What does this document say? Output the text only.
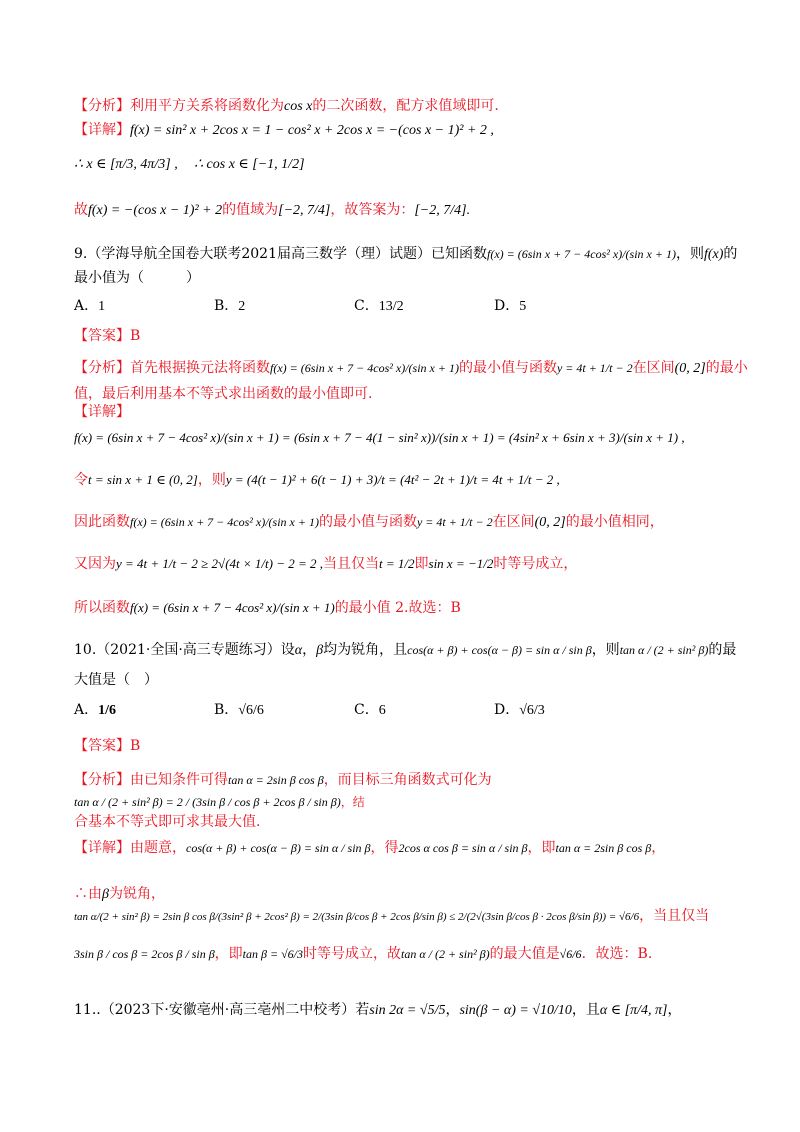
【分析】利用平方关系将函数化为cos x的二次函数，配方求值域即可.
【详解】f(x) = sin² x + 2cos x = 1 − cos² x + 2cos x = −(cos x − 1)² + 2 ,
∴ x ∈ [π/3, 4π/3] , ∴ cos x ∈ [−1, 1/2]
故f(x) = −(cos x − 1)² + 2的值域为[−2, 7/4]，故答案为：[−2, 7/4].
9.（学海导航全国卷大联考2021届高三数学（理）试题）已知函数f(x) = (6sin x + 7 − 4cos² x)/(sin x + 1)，则f(x)的
最小值为（　　　）
A．1	B．2	C．13/2	D．5
【答案】B
【分析】首先根据换元法将函数f(x) = (6sin x + 7 − 4cos² x)/(sin x + 1)的最小值与函数y = 4t + 1/t − 2在区间(0, 2]的最小
值，最后利用基本不等式求出函数的最小值即可.
【详解】
f(x) = (6sin x + 7 − 4cos² x)/(sin x + 1) = (6sin x + 7 − 4(1 − sin² x))/(sin x + 1) = (4sin² x + 6sin x + 3)/(sin x + 1) ,
令t = sin x + 1 ∈ (0, 2]，则y = (4(t − 1)² + 6(t − 1) + 3)/t = (4t² − 2t + 1)/t = 4t + 1/t − 2 ,
因此函数f(x) = (6sin x + 7 − 4cos² x)/(sin x + 1)的最小值与函数y = 4t + 1/t − 2在区间(0, 2]的最小值相同，
又因为y = 4t + 1/t − 2 ≥ 2√(4t × 1/t) − 2 = 2 ,当且仅当t = 1/2即sin x = −1/2时等号成立，
所以函数f(x) = (6sin x + 7 − 4cos² x)/(sin x + 1)的最小值 2.故选：B
10.（2021·全国·高三专题练习）设α，β均为锐角，且cos(α + β) + cos(α − β) = sin α / sin β，则tan α / (2 + sin² β)的最
大值是（　）
A．1/6	B．√6/6	C．6	D．√6/3
【答案】B
【分析】由已知条件可得tan α = 2sin β cos β，而目标三角函数式可化为
tan α / (2 + sin² β) = 2 / (3sin β / cos β + 2cos β / sin β)，结
合基本不等式即可求其最大值.
【详解】由题意，cos(α + β) + cos(α − β) = sin α / sin β，得2cos α cos β = sin α / sin β，即tan α = 2sin β cos β，
∴由β为锐角，
tan α/(2 + sin² β) = 2sin β cos β/(3sin² β + 2cos² β) = 2/(3sin β/cos β + 2cos β/sin β) ≤ 2/(2√(3sin β/cos β · 2cos β/sin β)) = √6/6，当且仅当
3sin β / cos β = 2cos β / sin β，即tan β = √6/3时等号成立，故tan α / (2 + sin² β)的最大值是√6/6．故选：B.
11..（2023下·安徽亳州·高三亳州二中校考）若sin 2α = √5/5，sin(β − α) = √10/10，且α ∈ [π/4, π]，
